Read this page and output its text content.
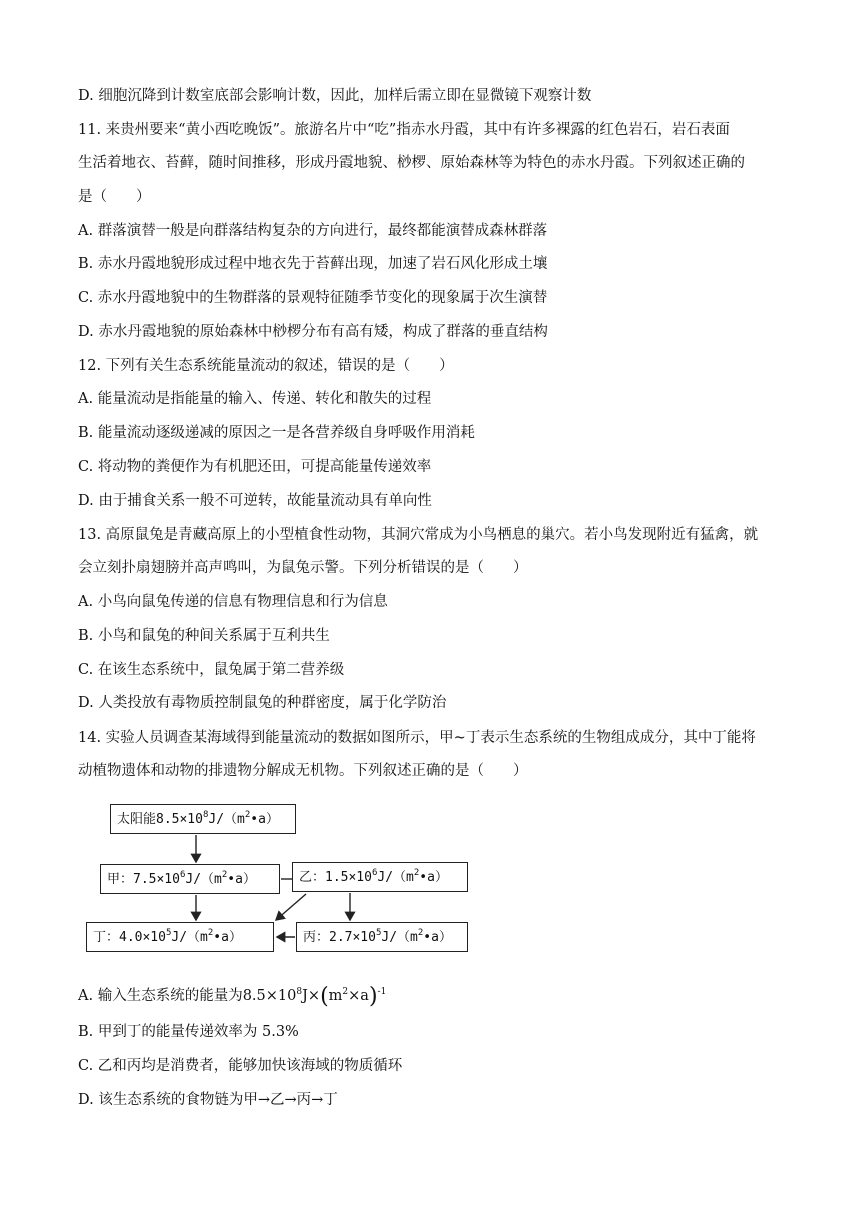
D. 细胞沉降到计数室底部会影响计数，因此，加样后需立即在显微镜下观察计数
11. 来贵州要来“黄小西吃晚饭”。旅游名片中“吃”指赤水丹霞，其中有许多裸露的红色岩石，岩石表面
生活着地衣、苔藓，随时间推移，形成丹霞地貌、桫椤、原始森林等为特色的赤水丹霞。下列叙述正确的
是（　　）
A. 群落演替一般是向群落结构复杂的方向进行，最终都能演替成森林群落
B. 赤水丹霞地貌形成过程中地衣先于苔藓出现，加速了岩石风化形成土壤
C. 赤水丹霞地貌中的生物群落的景观特征随季节变化的现象属于次生演替
D. 赤水丹霞地貌的原始森林中桫椤分布有高有矮，构成了群落的垂直结构
12. 下列有关生态系统能量流动的叙述，错误的是（　　）
A. 能量流动是指能量的输入、传递、转化和散失的过程
B. 能量流动逐级递减的原因之一是各营养级自身呼吸作用消耗
C. 将动物的粪便作为有机肥还田，可提高能量传递效率
D. 由于捕食关系一般不可逆转，故能量流动具有单向性
13. 高原鼠兔是青藏高原上的小型植食性动物，其洞穴常成为小鸟栖息的巢穴。若小鸟发现附近有猛禽，就
会立刻扑扇翅膀并高声鸣叫，为鼠兔示警。下列分析错误的是（　　）
A. 小鸟向鼠兔传递的信息有物理信息和行为信息
B. 小鸟和鼠兔的种间关系属于互利共生
C. 在该生态系统中，鼠兔属于第二营养级
D. 人类投放有毒物质控制鼠兔的种群密度，属于化学防治
14. 实验人员调查某海域得到能量流动的数据如图所示，甲~丁表示生态系统的生物组成成分，其中丁能将
动植物遗体和动物的排遗物分解成无机物。下列叙述正确的是（　　）
太阳能$8.5\times 10^8J/(m^2•a)$
甲：$7.5\times 10^6J/(m^2•a)$	乙：$1.5\times 10^6J/(m^2•a)$
丁：$4.0\times 10^5J/(m^2•a)$	丙：$2.7\times 10^5J/(m^2•a)$
A. 输入生态系统的能量为$8.5\times 10^8J\times(m^2\times a)^{-1}$
B. 甲到丁的能量传递效率为 5.3%
C. 乙和丙均是消费者，能够加快该海域的物质循环
D. 该生态系统的食物链为甲→乙→丙→丁
